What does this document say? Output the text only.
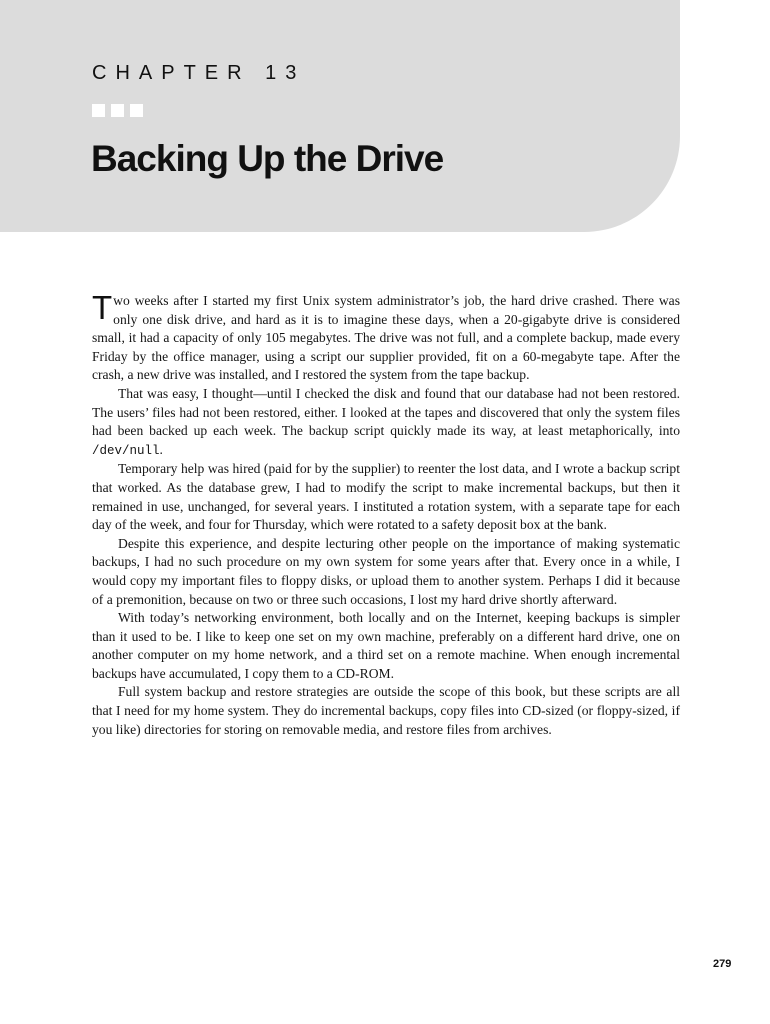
CHAPTER 13
Backing Up the Drive

Two weeks after I started my first Unix system administrator’s job, the hard drive crashed. There was only one disk drive, and hard as it is to imagine these days, when a 20-gigabyte drive is considered small, it had a capacity of only 105 megabytes. The drive was not full, and a complete backup, made every Friday by the office manager, using a script our supplier provided, fit on a 60-megabyte tape. After the crash, a new drive was installed, and I restored the system from the tape backup.

That was easy, I thought—until I checked the disk and found that our database had not been restored. The users’ files had not been restored, either. I looked at the tapes and discovered that only the system files had been backed up each week. The backup script quickly made its way, at least metaphorically, into /dev/null.

Temporary help was hired (paid for by the supplier) to reenter the lost data, and I wrote a backup script that worked. As the database grew, I had to modify the script to make incremental backups, but then it remained in use, unchanged, for several years. I instituted a rotation system, with a separate tape for each day of the week, and four for Thursday, which were rotated to a safety deposit box at the bank.

Despite this experience, and despite lecturing other people on the importance of making systematic backups, I had no such procedure on my own system for some years after that. Every once in a while, I would copy my important files to floppy disks, or upload them to another system. Perhaps I did it because of a premonition, because on two or three such occasions, I lost my hard drive shortly afterward.

With today’s networking environment, both locally and on the Internet, keeping backups is simpler than it used to be. I like to keep one set on my own machine, preferably on a different hard drive, one on another computer on my home network, and a third set on a remote machine. When enough incremental backups have accumulated, I copy them to a CD-ROM.

Full system backup and restore strategies are outside the scope of this book, but these scripts are all that I need for my home system. They do incremental backups, copy files into CD-sized (or floppy-sized, if you like) directories for storing on removable media, and restore files from archives.

279
